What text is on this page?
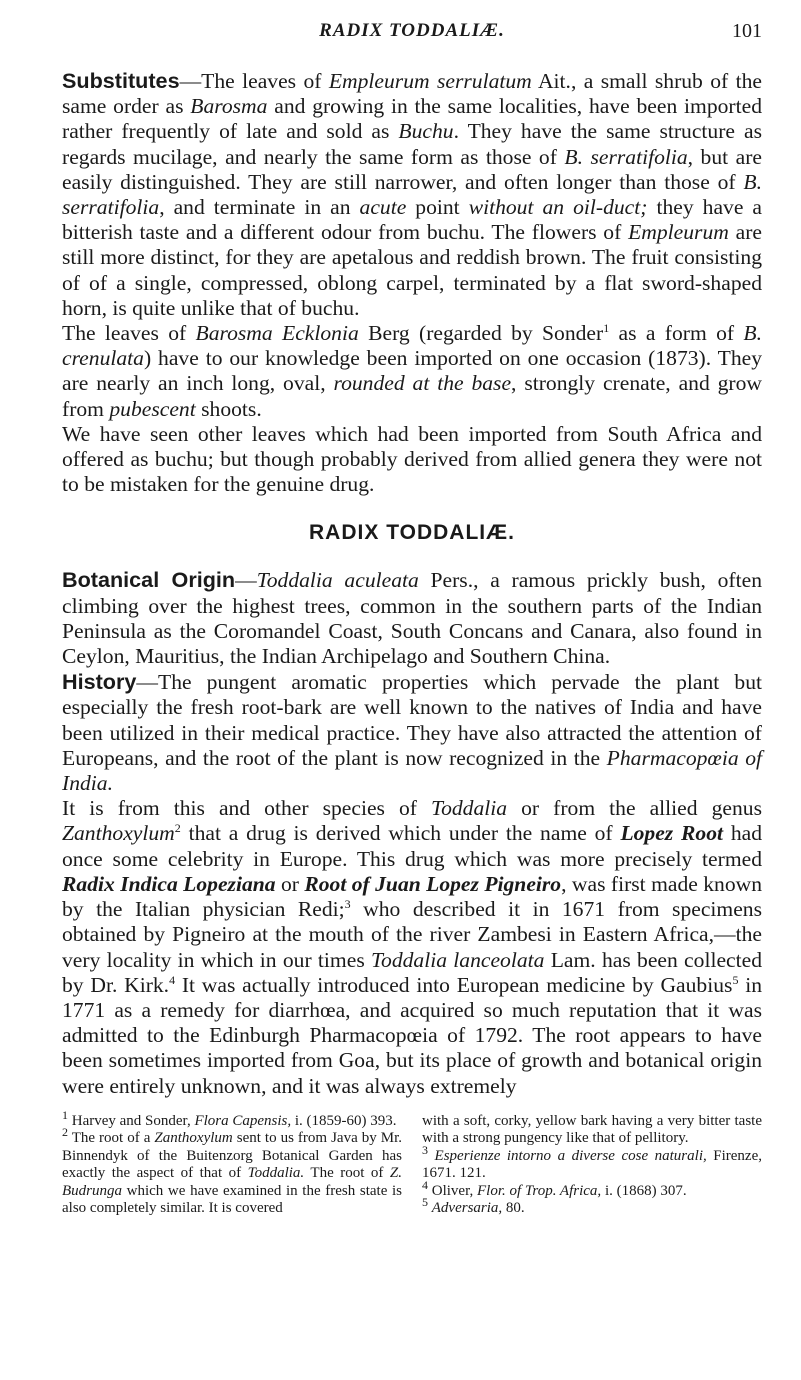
RADIX TODDALIÆ.	101

Substitutes—The leaves of Empleurum serrulatum Ait., a small shrub of the same order as Barosma and growing in the same localities, have been imported rather frequently of late and sold as Buchu. They have the same structure as regards mucilage, and nearly the same form as those of B. serratifolia, but are easily distinguished. They are still narrower, and often longer than those of B. serratifolia, and terminate in an acute point without an oil-duct; they have a bitterish taste and a different odour from buchu. The flowers of Empleurum are still more distinct, for they are apetalous and reddish brown. The fruit consisting of of a single, compressed, oblong carpel, terminated by a flat sword-shaped horn, is quite unlike that of buchu.

The leaves of Barosma Ecklonia Berg (regarded by Sonder$^1$ as a form of B. crenulata) have to our knowledge been imported on one occasion (1873). They are nearly an inch long, oval, rounded at the base, strongly crenate, and grow from pubescent shoots.

We have seen other leaves which had been imported from South Africa and offered as buchu; but though probably derived from allied genera they were not to be mistaken for the genuine drug.

RADIX TODDALIÆ.

Botanical Origin—Toddalia aculeata Pers., a ramous prickly bush, often climbing over the highest trees, common in the southern parts of the Indian Peninsula as the Coromandel Coast, South Concans and Canara, also found in Ceylon, Mauritius, the Indian Archipelago and Southern China.

History—The pungent aromatic properties which pervade the plant but especially the fresh root-bark are well known to the natives of India and have been utilized in their medical practice. They have also attracted the attention of Europeans, and the root of the plant is now recognized in the Pharmacopœia of India.

It is from this and other species of Toddalia or from the allied genus Zanthoxylum$^2$ that a drug is derived which under the name of Lopez Root had once some celebrity in Europe. This drug which was more precisely termed Radix Indica Lopeziana or Root of Juan Lopez Pigneiro, was first made known by the Italian physician Redi;$^3$ who described it in 1671 from specimens obtained by Pigneiro at the mouth of the river Zambesi in Eastern Africa,—the very locality in which in our times Toddalia lanceolata Lam. has been collected by Dr. Kirk.$^4$ It was actually introduced into European medicine by Gaubius$^5$ in 1771 as a remedy for diarrhœa, and acquired so much reputation that it was admitted to the Edinburgh Pharmacopœia of 1792. The root appears to have been sometimes imported from Goa, but its place of growth and botanical origin were entirely unknown, and it was always extremely

$^1$ Harvey and Sonder, Flora Capensis, i. (1859-60) 393.

$^2$ The root of a Zanthoxylum sent to us from Java by Mr. Binnendyk of the Buitenzorg Botanical Garden has exactly the aspect of that of Toddalia. The root of Z. Budrunga which we have examined in the fresh state is also completely similar. It is covered

with a soft, corky, yellow bark having a very bitter taste with a strong pungency like that of pellitory.

$^3$ Esperienze intorno a diverse cose naturali, Firenze, 1671. 121.

$^4$ Oliver, Flor. of Trop. Africa, i. (1868) 307.

$^5$ Adversaria, 80.
